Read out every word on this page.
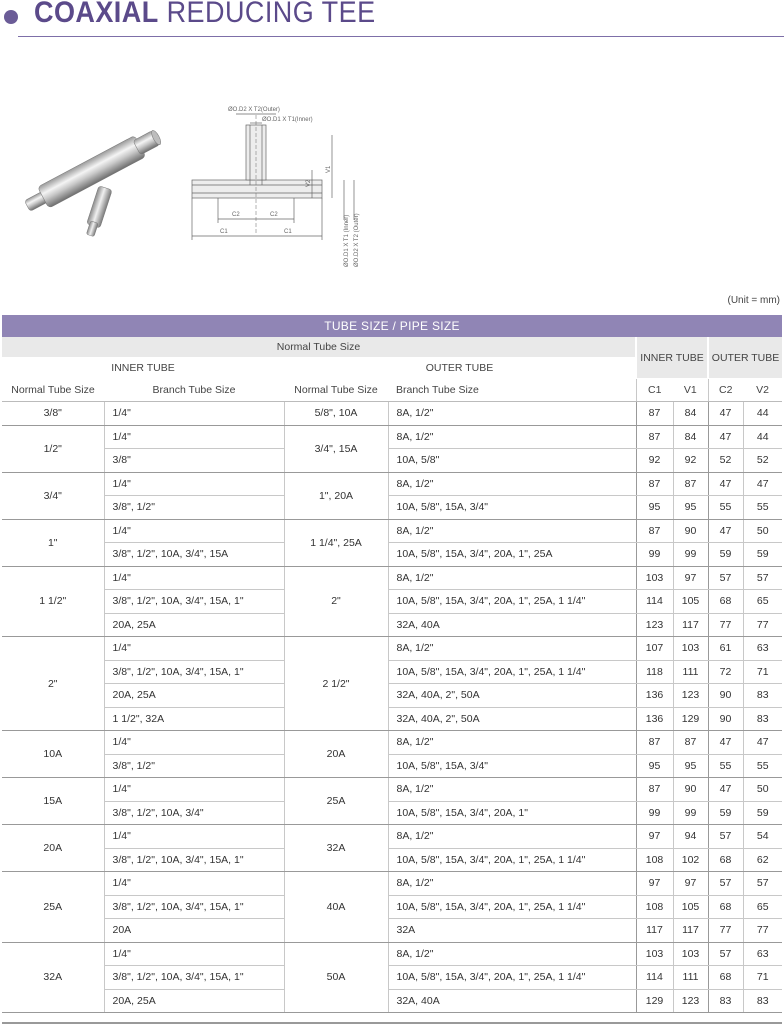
COAXIAL REDUCING TEE
ØO.D2 X T2(Outer)
ØO.D1 X T1(Inner)
V1
V2
C2	C2
C1	C1	ØO.D1 X T1 (Inner) ØO.D2 X T2 (Outer)
(Unit = mm)
TUBE SIZE / PIPE SIZE							
Normal Tube Size				INNER TUBE		OUTER TUBE	
INNER TUBE		OUTER TUBE					
Normal Tube Size	Branch Tube Size	Normal Tube Size	Branch Tube Size	C1	V1	C2	V2
3/8"	1/4"	5/8", 10A	8A, 1/2"	87	84	47	44
1/2"	1/4"	3/4", 15A	8A, 1/2"	87	84	47	44
	3/8"		10A, 5/8"	92	92	52	52
3/4"	1/4"	1", 20A	8A, 1/2"	87	87	47	47
	3/8", 1/2"		10A, 5/8", 15A, 3/4"	95	95	55	55
1"	1/4"	1 1/4", 25A	8A, 1/2"	87	90	47	50
	3/8", 1/2", 10A, 3/4", 15A		10A, 5/8", 15A, 3/4", 20A, 1", 25A	99	99	59	59
1 1/2"	1/4"	2"	8A, 1/2"	103	97	57	57
	3/8", 1/2", 10A, 3/4", 15A, 1"		10A, 5/8", 15A, 3/4", 20A, 1", 25A, 1 1/4"	114	105	68	65
	20A, 25A		32A, 40A	123	117	77	77
2"	1/4"	2 1/2"	8A, 1/2"	107	103	61	63
	3/8", 1/2", 10A, 3/4", 15A, 1"		10A, 5/8", 15A, 3/4", 20A, 1", 25A, 1 1/4"	118	111	72	71
	20A, 25A		32A, 40A, 2", 50A	136	123	90	83
	1 1/2", 32A		32A, 40A, 2", 50A	136	129	90	83
10A	1/4"	20A	8A, 1/2"	87	87	47	47
	3/8", 1/2"		10A, 5/8", 15A, 3/4"	95	95	55	55
15A	1/4"	25A	8A, 1/2"	87	90	47	50
	3/8", 1/2", 10A, 3/4"		10A, 5/8", 15A, 3/4", 20A, 1"	99	99	59	59
20A	1/4"	32A	8A, 1/2"	97	94	57	54
	3/8", 1/2", 10A, 3/4", 15A, 1"		10A, 5/8", 15A, 3/4", 20A, 1", 25A, 1 1/4"	108	102	68	62
25A	1/4"	40A	8A, 1/2"	97	97	57	57
	3/8", 1/2", 10A, 3/4", 15A, 1"		10A, 5/8", 15A, 3/4", 20A, 1", 25A, 1 1/4"	108	105	68	65
	20A		32A	117	117	77	77
32A	1/4"	50A	8A, 1/2"	103	103	57	63
	3/8", 1/2", 10A, 3/4", 15A, 1"		10A, 5/8", 15A, 3/4", 20A, 1", 25A, 1 1/4"	114	111	68	71
	20A, 25A		32A, 40A	129	123	83	83
